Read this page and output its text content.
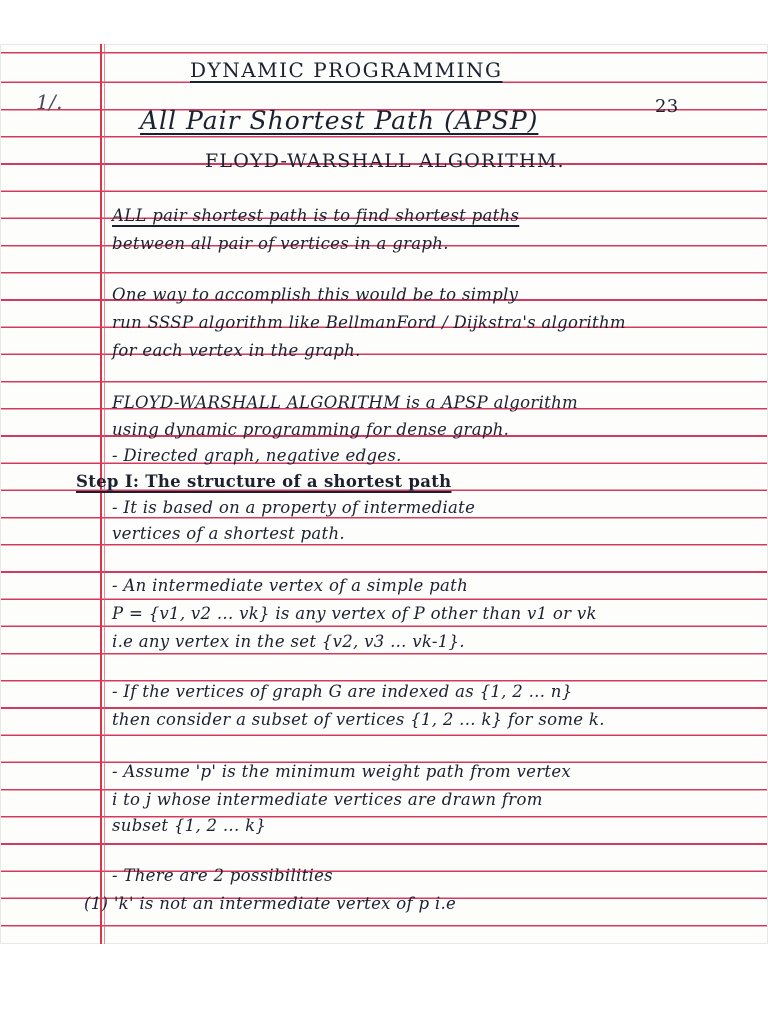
1/.	23
DYNAMIC PROGRAMMING
All Pair Shortest Path (APSP)
FLOYD-WARSHALL ALGORITHM.
ALL pair shortest path is to find shortest paths
between all pair of vertices in a graph.
One way to accomplish this would be to simply
run SSSP algorithm like BellmanFord / Dijkstra's algorithm
for each vertex in the graph.
FLOYD-WARSHALL ALGORITHM is a APSP algorithm
using dynamic programming for dense graph.
- Directed graph, negative edges.
Step I: The structure of a shortest path
- It is based on a property of intermediate
vertices of a shortest path.
- An intermediate vertex of a simple path
P = {v1, v2 ... vk} is any vertex of P other than v1 or vk
i.e any vertex in the set {v2, v3 ... vk-1}.
- If the vertices of graph G are indexed as {1, 2 ... n}
then consider a subset of vertices {1, 2 ... k} for some k.
- Assume 'p' is the minimum weight path from vertex
i to j whose intermediate vertices are drawn from
subset {1, 2 ... k}
- There are 2 possibilities
(1) 'k' is not an intermediate vertex of p i.e
